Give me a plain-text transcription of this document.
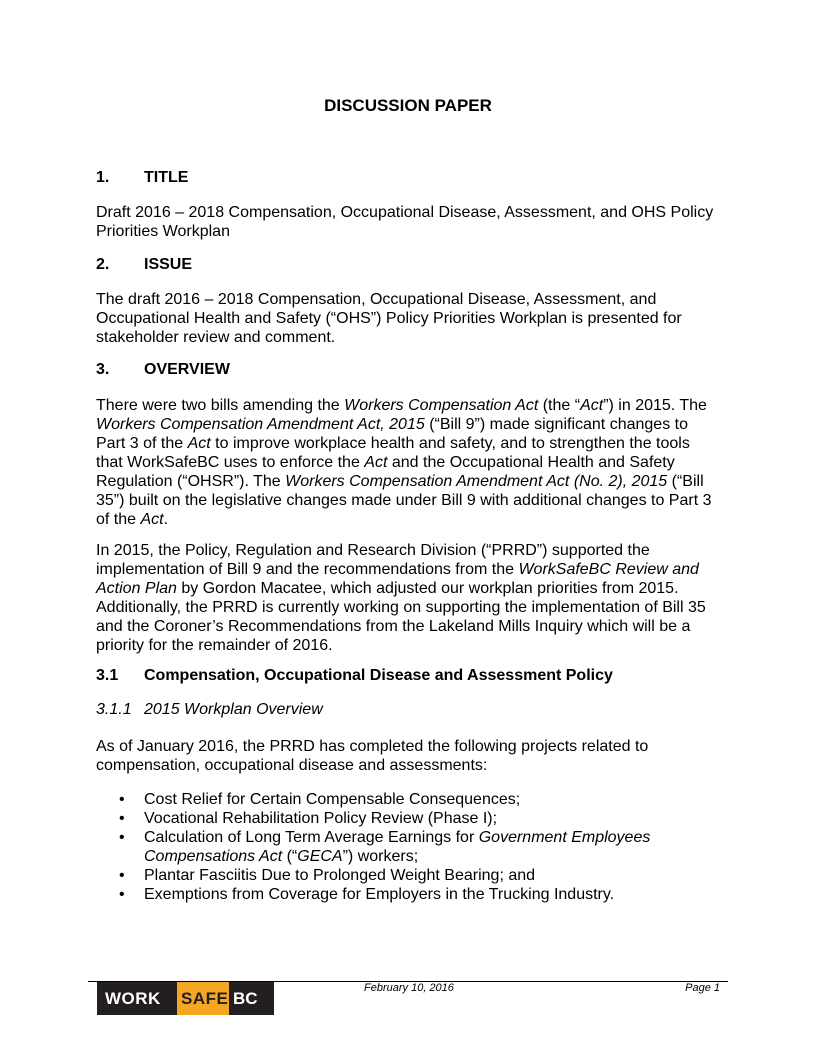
DISCUSSION PAPER
1. TITLE
Draft 2016 – 2018 Compensation, Occupational Disease, Assessment, and OHS Policy Priorities Workplan
2. ISSUE
The draft 2016 – 2018 Compensation, Occupational Disease, Assessment, and Occupational Health and Safety (“OHS”) Policy Priorities Workplan is presented for stakeholder review and comment.
3. OVERVIEW
There were two bills amending the Workers Compensation Act (the “Act”) in 2015. The Workers Compensation Amendment Act, 2015 (“Bill 9”) made significant changes to Part 3 of the Act to improve workplace health and safety, and to strengthen the tools that WorkSafeBC uses to enforce the Act and the Occupational Health and Safety Regulation (“OHSR”). The Workers Compensation Amendment Act (No. 2), 2015 (“Bill 35”) built on the legislative changes made under Bill 9 with additional changes to Part 3 of the Act.
In 2015, the Policy, Regulation and Research Division (“PRRD”) supported the implementation of Bill 9 and the recommendations from the WorkSafeBC Review and Action Plan by Gordon Macatee, which adjusted our workplan priorities from 2015. Additionally, the PRRD is currently working on supporting the implementation of Bill 35 and the Coroner’s Recommendations from the Lakeland Mills Inquiry which will be a priority for the remainder of 2016.
3.1 Compensation, Occupational Disease and Assessment Policy
3.1.1 2015 Workplan Overview
As of January 2016, the PRRD has completed the following projects related to compensation, occupational disease and assessments:
• Cost Relief for Certain Compensable Consequences;
• Vocational Rehabilitation Policy Review (Phase I);
• Calculation of Long Term Average Earnings for Government Employees Compensations Act (“GECA”) workers;
• Plantar Fasciitis Due to Prolonged Weight Bearing; and
• Exemptions from Coverage for Employers in the Trucking Industry.
WORK	SAFE BC
February 10, 2016	Page 1
